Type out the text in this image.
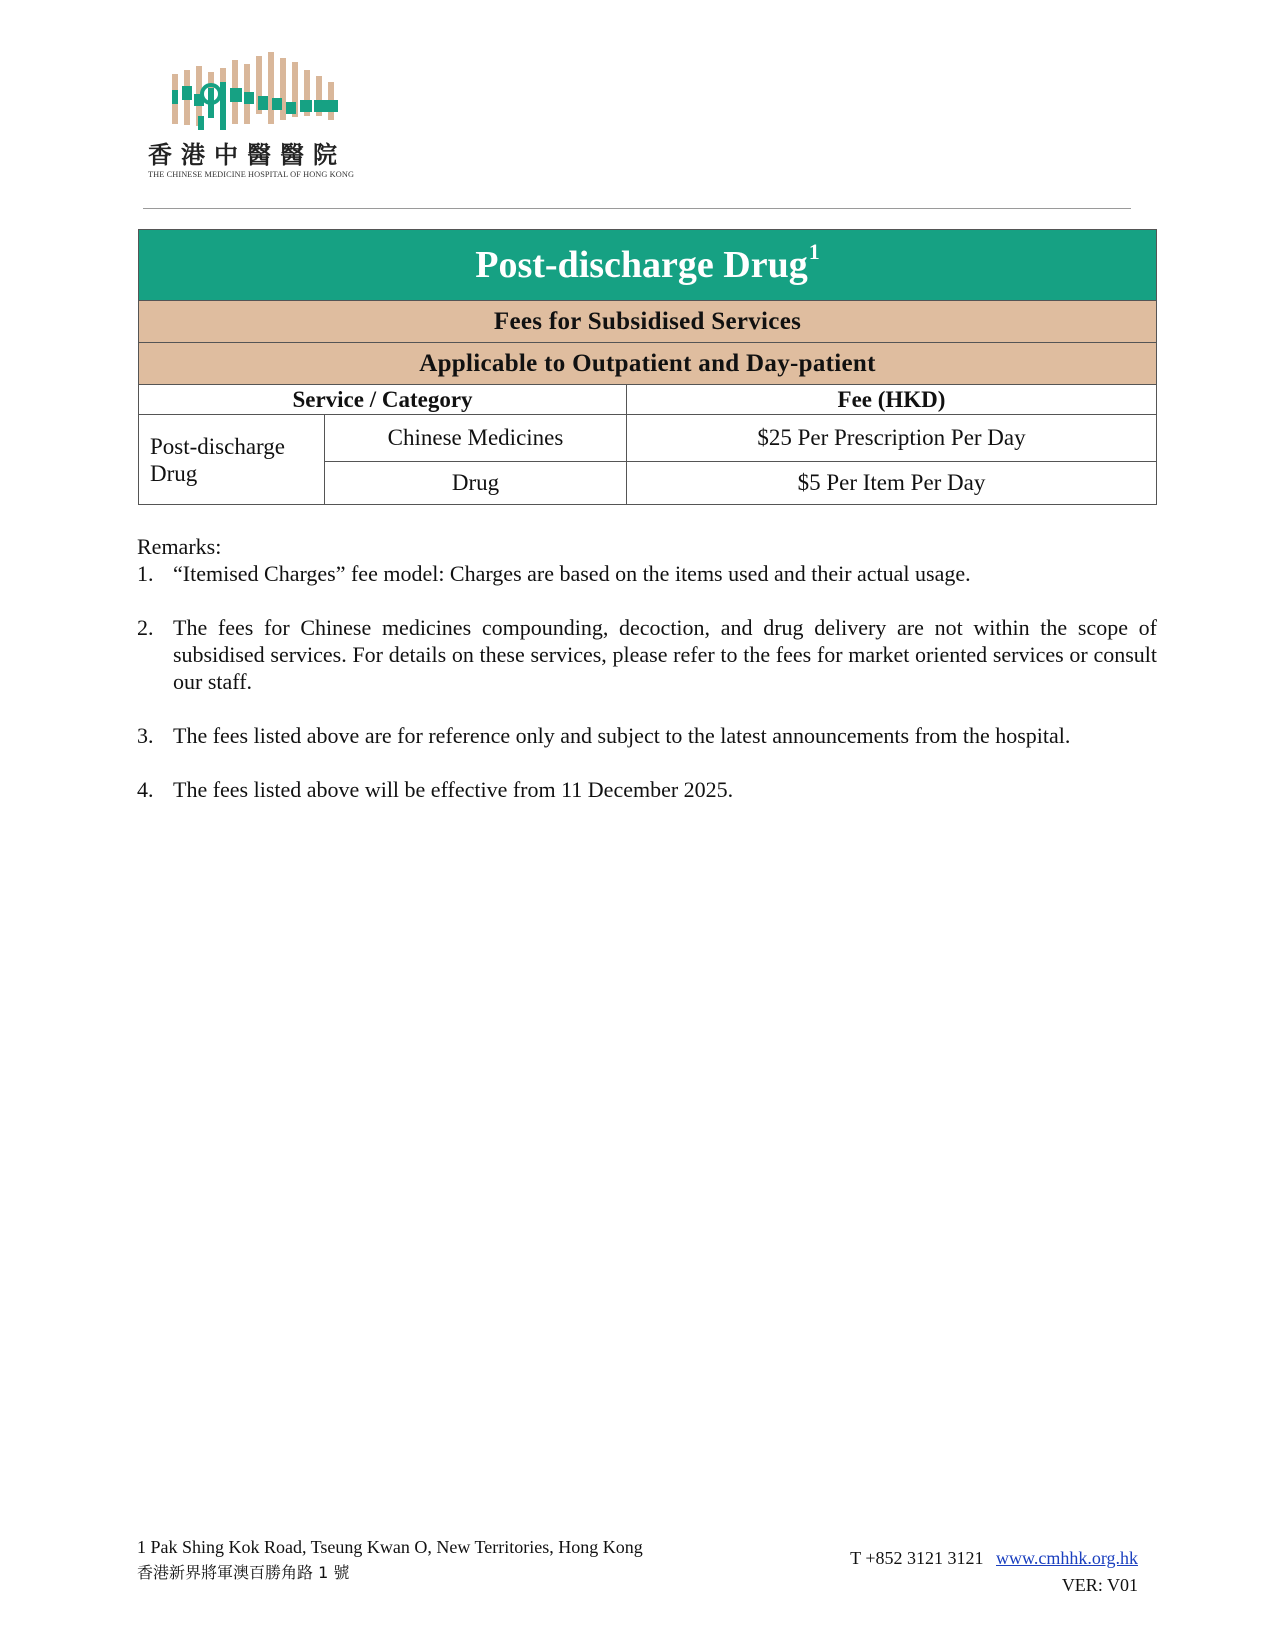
香港中醫醫院
THE CHINESE MEDICINE HOSPITAL OF HONG KONG
Post-discharge Drug$^1$
Fees for Subsidised Services		
Applicable to Outpatient and Day-patient		
Service / Category		Fee (HKD)
Post-discharge Drug	Chinese Medicines	$25 Per Prescription Per Day
	Drug	$5 Per Item Per Day
Remarks:
1. “Itemised Charges” fee model: Charges are based on the items used and their actual usage.
2. The fees for Chinese medicines compounding, decoction, and drug delivery are not within the scope of subsidised services. For details on these services, please refer to the fees for market oriented services or consult our staff.
3. The fees listed above are for reference only and subject to the latest announcements from the hospital.
4. The fees listed above will be effective from 11 December 2025.
1 Pak Shing Kok Road, Tseung Kwan O, New Territories, Hong Kong
香港新界將軍澳百勝角路 1 號
T +852 3121 3121 www.cmhhk.org.hk
VER: V01
